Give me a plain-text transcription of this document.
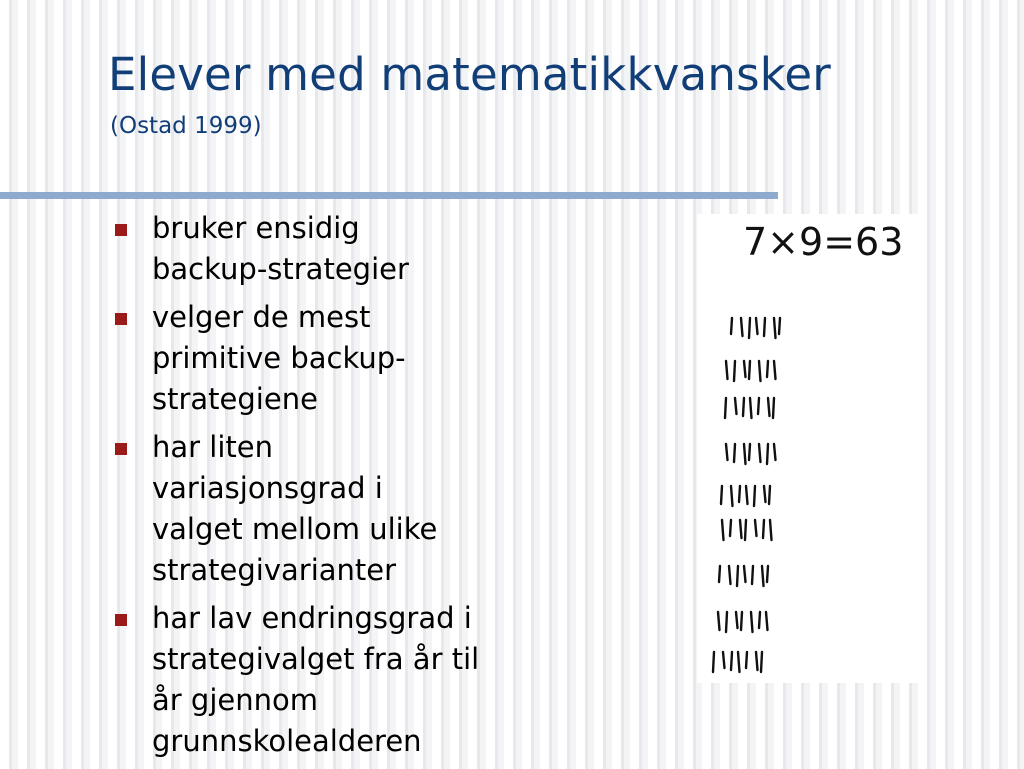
Elever med matematikkvansker
(Ostad 1999)
bruker ensidig
backup-strategier
velger de mest
primitive backup-
strategiene
har liten
variasjonsgrad i
valget mellom ulike
strategivarianter
har lav endringsgrad i
strategivalget fra år til
år gjennom
grunnskolealderen
7×9=63
